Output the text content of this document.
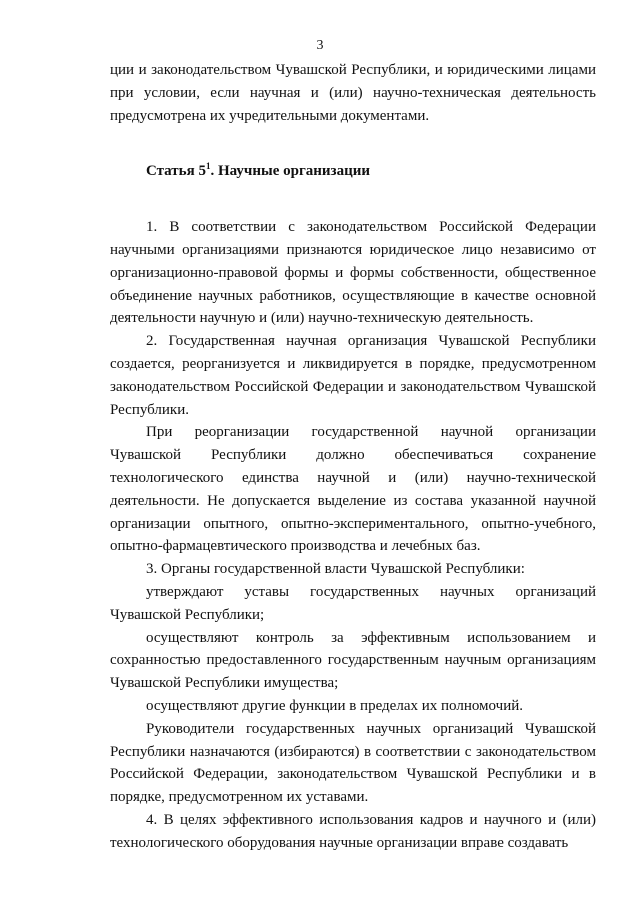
3

ции и законодательством Чувашской Республики, и юридическими лицами при условии, если научная и (или) научно-техническая деятельность предусмотрена их учредительными документами.

Статья $5^1$. Научные организации

1. В соответствии с законодательством Российской Федерации научными организациями признаются юридическое лицо независимо от организационно-правовой формы и формы собственности, общественное объединение научных работников, осуществляющие в качестве основной деятельности научную и (или) научно-техническую деятельность.

2. Государственная научная организация Чувашской Республики создается, реорганизуется и ликвидируется в порядке, предусмотренном законодательством Российской Федерации и законодательством Чувашской Республики.

При реорганизации государственной научной организации Чувашской Республики должно обеспечиваться сохранение технологического единства научной и (или) научно-технической деятельности. Не допускается выделение из состава указанной научной организации опытного, опытно-экспериментального, опытно-учебного, опытно-фармацевтического производства и лечебных баз.

3. Органы государственной власти Чувашской Республики:

утверждают уставы государственных научных организаций Чувашской Республики;

осуществляют контроль за эффективным использованием и сохранностью предоставленного государственным научным организациям Чувашской Республики имущества;

осуществляют другие функции в пределах их полномочий.

Руководители государственных научных организаций Чувашской Республики назначаются (избираются) в соответствии с законодательством Российской Федерации, законодательством Чувашской Республики и в порядке, предусмотренном их уставами.

4. В целях эффективного использования кадров и научного и (или) технологического оборудования научные организации вправе создавать
